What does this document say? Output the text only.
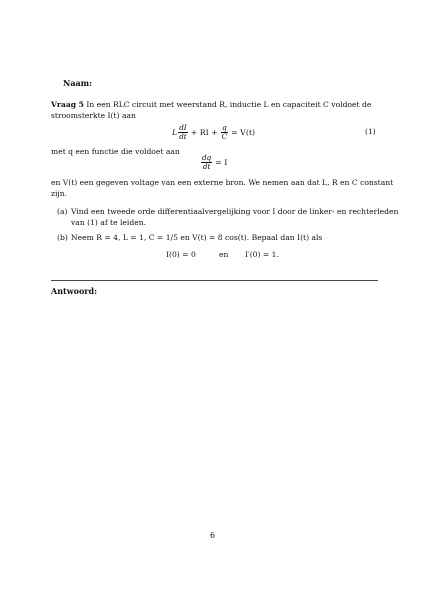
Naam:
Vraag 5 In een RLC circuit met weerstand R, inductie L en capaciteit C voldoet de
stroomsterkte I(t) aan
L $\frac{dI}{dt}$ + RI + $\frac{q}{C} = V(t)$	(1)
met q een functie die voldoet aan
$\frac{dq}{dt} = I$
en V(t) een gegeven voltage van een externe bron. We nemen aan dat L, R en C constant
zijn.
(a) Vind een tweede orde differentiaalvergelijking voor I door de linker- en rechterleden
van (1) af te leiden.
(b) Neem R = 4, L = 1, C = 1/5 en V(t) = 8 cos(t). Bepaal dan I(t) als
I(0) = 0	en I′(0) = 1.
Antwoord:
6
